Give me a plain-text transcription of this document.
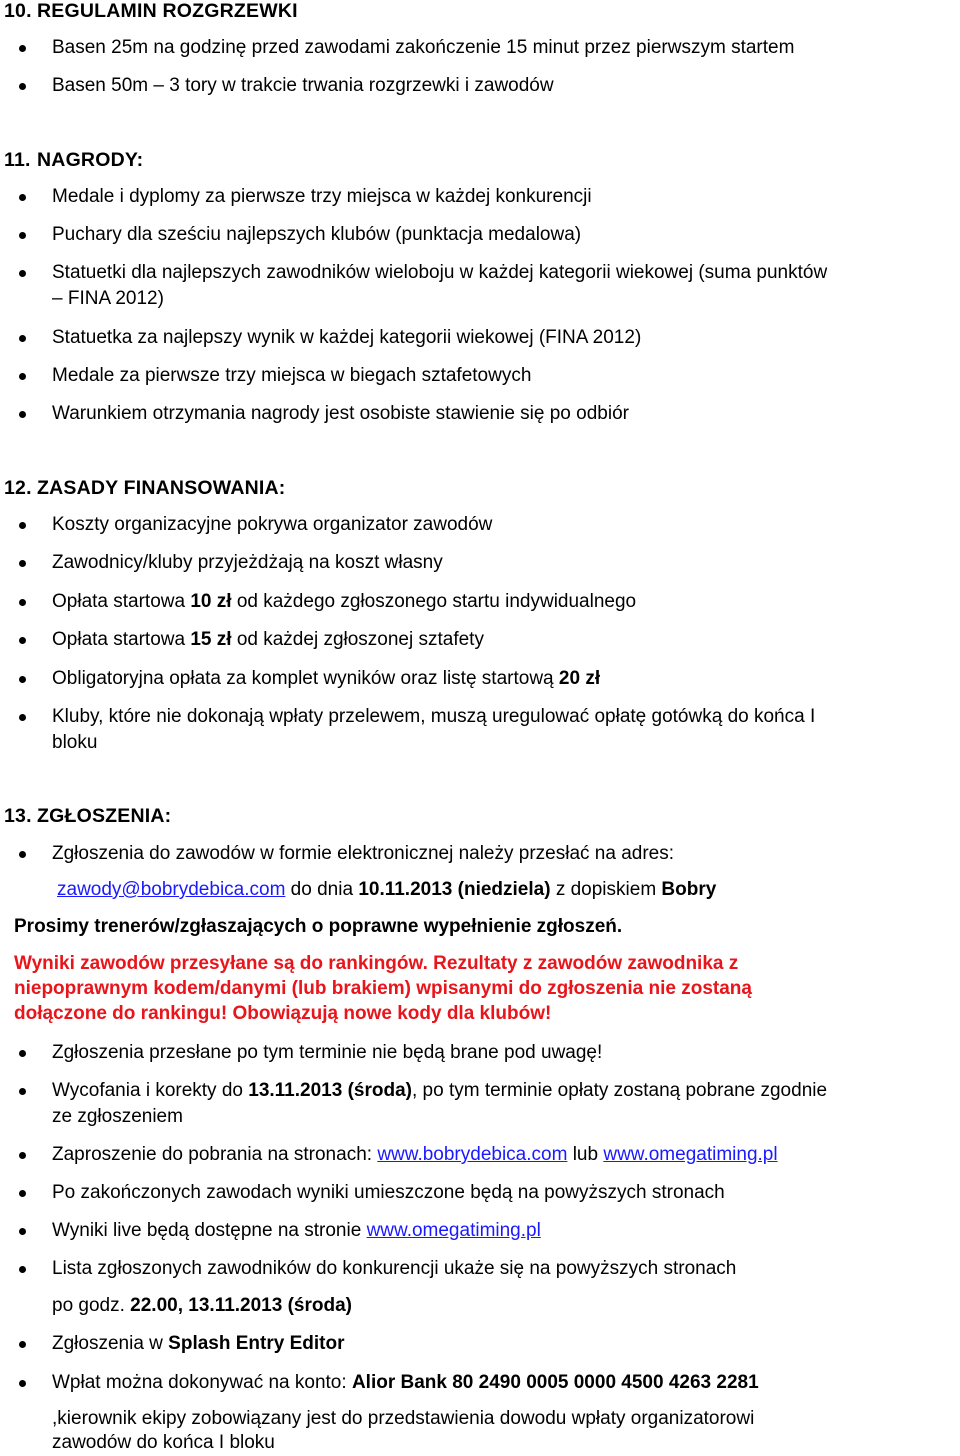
10. REGULAMIN ROZGRZEWKI
Basen 25m na godzinę przed zawodami zakończenie 15 minut przez pierwszym startem
Basen 50m – 3 tory w trakcie trwania rozgrzewki i zawodów
11. NAGRODY:
Medale i dyplomy za pierwsze trzy miejsca w każdej konkurencji
Puchary dla sześciu najlepszych klubów (punktacja medalowa)
Statuetki dla najlepszych zawodników wieloboju w każdej kategorii wiekowej (suma punktów
– FINA 2012)
Statuetka za najlepszy wynik w każdej kategorii wiekowej (FINA 2012)
Medale za pierwsze trzy miejsca w biegach sztafetowych
Warunkiem otrzymania nagrody jest osobiste stawienie się po odbiór
12. ZASADY FINANSOWANIA:
Koszty organizacyjne pokrywa organizator zawodów
Zawodnicy/kluby przyjeżdżają na koszt własny
Opłata startowa 10 zł od każdego zgłoszonego startu indywidualnego
Opłata startowa 15 zł od każdej zgłoszonej sztafety
Obligatoryjna opłata za komplet wyników oraz listę startową 20 zł
Kluby, które nie dokonają wpłaty przelewem, muszą uregulować opłatę gotówką do końca I
bloku
13. ZGŁOSZENIA:
Zgłoszenia do zawodów w formie elektronicznej należy przesłać na adres:
zawody@bobrydebica.com do dnia 10.11.2013 (niedziela) z dopiskiem Bobry
Prosimy trenerów/zgłaszających o poprawne wypełnienie zgłoszeń.
Wyniki zawodów przesyłane są do rankingów. Rezultaty z zawodów zawodnika z
niepoprawnym kodem/danymi (lub brakiem) wpisanymi do zgłoszenia nie zostaną
dołączone do rankingu! Obowiązują nowe kody dla klubów!
Zgłoszenia przesłane po tym terminie nie będą brane pod uwagę!
Wycofania i korekty do 13.11.2013 (środa), po tym terminie opłaty zostaną pobrane zgodnie
ze zgłoszeniem
Zaproszenie do pobrania na stronach: www.bobrydebica.com lub www.omegatiming.pl
Po zakończonych zawodach wyniki umieszczone będą na powyższych stronach
Wyniki live będą dostępne na stronie www.omegatiming.pl
Lista zgłoszonych zawodników do konkurencji ukaże się na powyższych stronach
po godz. 22.00, 13.11.2013 (środa)
Zgłoszenia w Splash Entry Editor
Wpłat można dokonywać na konto: Alior Bank 80 2490 0005 0000 4500 4263 2281
,kierownik ekipy zobowiązany jest do przedstawienia dowodu wpłaty organizatorowi
zawodów do końca I bloku
